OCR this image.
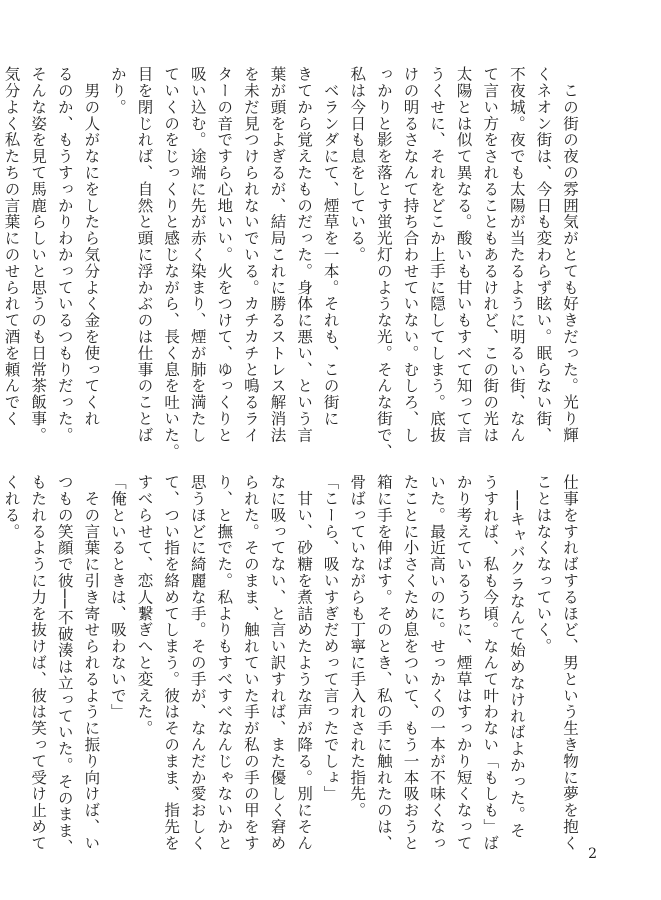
　この街の夜の雰囲気がとても好きだった。光り輝
くネオン街は、今日も変わらず眩い。眠らない街、
不夜城。夜でも太陽が当たるように明るい街、なん
て言い方をされることもあるけれど、この街の光は
太陽とは似て異なる。酸いも甘いもすべて知って言
うくせに、それをどこか上手に隠してしまう。底抜
けの明るさなんて持ち合わせていない。むしろ、し
っかりと影を落とす蛍光灯のような光。そんな街で、
私は今日も息をしている。
　ベランダにて、煙草を一本。それも、この街に
きてから覚えたものだった。身体に悪い、という言
葉が頭をよぎるが、結局これに勝るストレス解消法
を未だ見つけられないでいる。カチカチと鳴るライ
ターの音ですら心地いい。火をつけて、ゆっくりと
吸い込む。途端に先が赤く染まり、煙が肺を満たし
ていくのをじっくりと感じながら、長く息を吐いた。
目を閉じれば、自然と頭に浮かぶのは仕事のことば
かり。
　男の人がなにをしたら気分よく金を使ってくれ
るのか、もうすっかりわかっているつもりだった。
そんな姿を見て馬鹿らしいと思うのも日常茶飯事。
気分よく私たちの言葉にのせられて酒を頼んでく
仕事をすればするほど、男という生き物に夢を抱く
ことはなくなっていく。
　──キャバクラなんて始めなければよかった。そ
うすれば、私も今頃。なんて叶わない「もしも」ば
かり考えているうちに、煙草はすっかり短くなって
いた。最近高いのに。せっかくの一本が不味くなっ
たことに小さくため息をついて、もう一本吸おうと
箱に手を伸ばす。そのとき、私の手に触れたのは、
骨ばっていながらも丁寧に手入れされた指先。
「こーら、吸いすぎだめって言ったでしょ」
　甘い、砂糖を煮詰めたような声が降る。別にそん
なに吸ってない、と言い訳すれば、また優しく窘め
られた。そのまま、触れていた手が私の手の甲をす
り、と撫でた。私よりもすべすべなんじゃないかと
思うほどに綺麗な手。その手が、なんだか愛おしく
て、つい指を絡めてしまう。彼はそのまま、指先を
すべらせて、恋人繋ぎへと変えた。
「俺といるときは、吸わないで」
　その言葉に引き寄せられるように振り向けば、い
つもの笑顔で彼──不破湊は立っていた。そのまま、
もたれるように力を抜けば、彼は笑って受け止めて
くれる。
2
